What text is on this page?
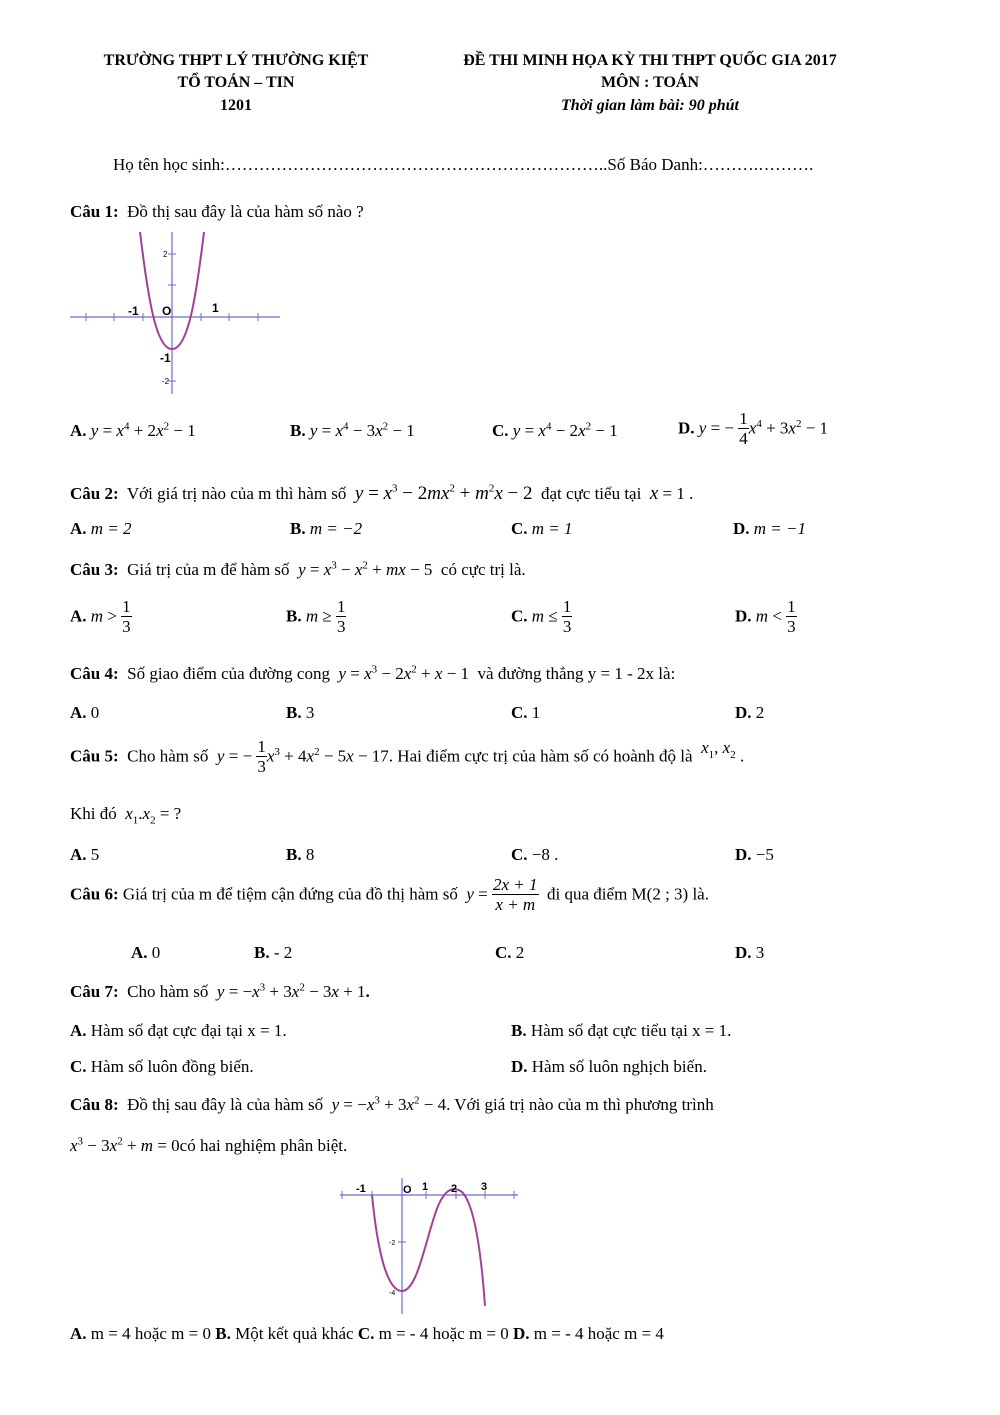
TRƯỜNG THPT LÝ THƯỜNG KIỆT
TỔ TOÁN – TIN
1201
ĐỀ THI MINH HỌA KỲ THI THPT QUỐC GIA 2017
MÔN : TOÁN
Thời gian làm bài: 90 phút
Họ tên học sinh:…………………………………………………………..Số Báo Danh:……….……….
Câu 1: Đồ thị sau đây là của hàm số nào ?
-1 O	1
2
-1
-2
A. $y = x^4 + 2x^2 - 1$	B. $y = x^4 - 3x^2 - 1$	C. $y = x^4 - 2x^2 - 1$	D. y = − $\frac{1}{4} x^4 + 3x^2 - 1$
Câu 2: Với giá trị nào của m thì hàm số $y = x^3 - 2mx^2 + m^2x - 2$ đạt cực tiểu tại x = 1 .
A. m = 2	B. m = −2	C. m = 1	D. m = −1
Câu 3: Giá trị của m để hàm số $y = x^3 - x^2$ + mx − 5  có cực trị là.
A. $m > \frac{1}{3}$	B. $m \ge \frac{1}{3}$	C. $m \le \frac{1}{3}$	D. $m < \frac{1}{3}$
Câu 4: Số giao điểm của đường cong $y = x^3 - 2x^2 + x - 1$  và đường thẳng y = 1 - 2x là:
A. 0	B. 3	C. 1	D. 2
Câu 5: Cho hàm số y = − $\frac{1}{3} x^3 + 4x^2 - 5x - 17$. Hai điểm cực trị của hàm số có hoành độ là $x_1$, $x_2$ .
Khi đó $x_1.x_2$ = ?
A. 5	B. 8	C. −8 .	D. −5
Câu 6: Giá trị của m để tiệm cận đứng của đồ thị hàm số $y = \frac{2x + 1}{x + m}$ đi qua điểm M(2 ; 3) là.
A. 0	B. - 2	C. 2	D. 3
Câu 7: Cho hàm số $y = -x^3 + 3x^2 - 3x + 1$.
A. Hàm số đạt cực đại tại x = 1.	B. Hàm số đạt cực tiểu tại x = 1.
C. Hàm số luôn đồng biến.	D. Hàm số luôn nghịch biến.
Câu 8: Đồ thị sau đây là của hàm số $y = -x^3 + 3x^2 - 4$. Với giá trị nào của m thì phương trình
$x^3 - 3x^2 + m$ = 0có hai nghiệm phân biệt.
-1	O 1 2 3
-2
-4
A. m = 4 hoặc m = 0 B. Một kết quả khác C. m = - 4 hoặc m = 0 D. m = - 4 hoặc m = 4
